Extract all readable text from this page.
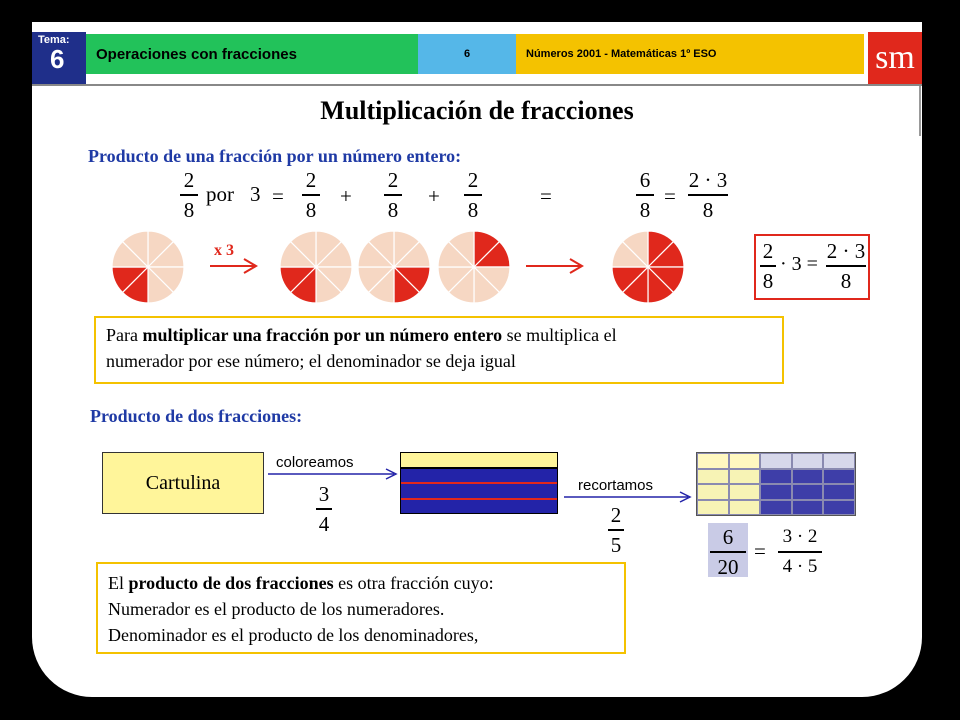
Tema:
6	Operaciones con fracciones	6	Números 2001 - Matemáticas 1º ESO	sm
Multiplicación de fracciones
Producto de una fracción por un número entero:
2
8
por 3 =
2
8
+
2
8
+
2
8
=
6
8
=
2 · 3
8
x 3	2
8
· 3 =
2 · 3
8
Para multiplicar una fracción por un número entero se multiplica el
numerador por ese número; el denominador se deja igual
Producto de dos fracciones:
Cartulina
coloreamos
3
4
recortamos
2
5	6
20
=
3 · 2
4 · 5
El producto de dos fracciones es otra fracción cuyo:
Numerador es el producto de los numeradores.
Denominador es el producto de los denominadores,
